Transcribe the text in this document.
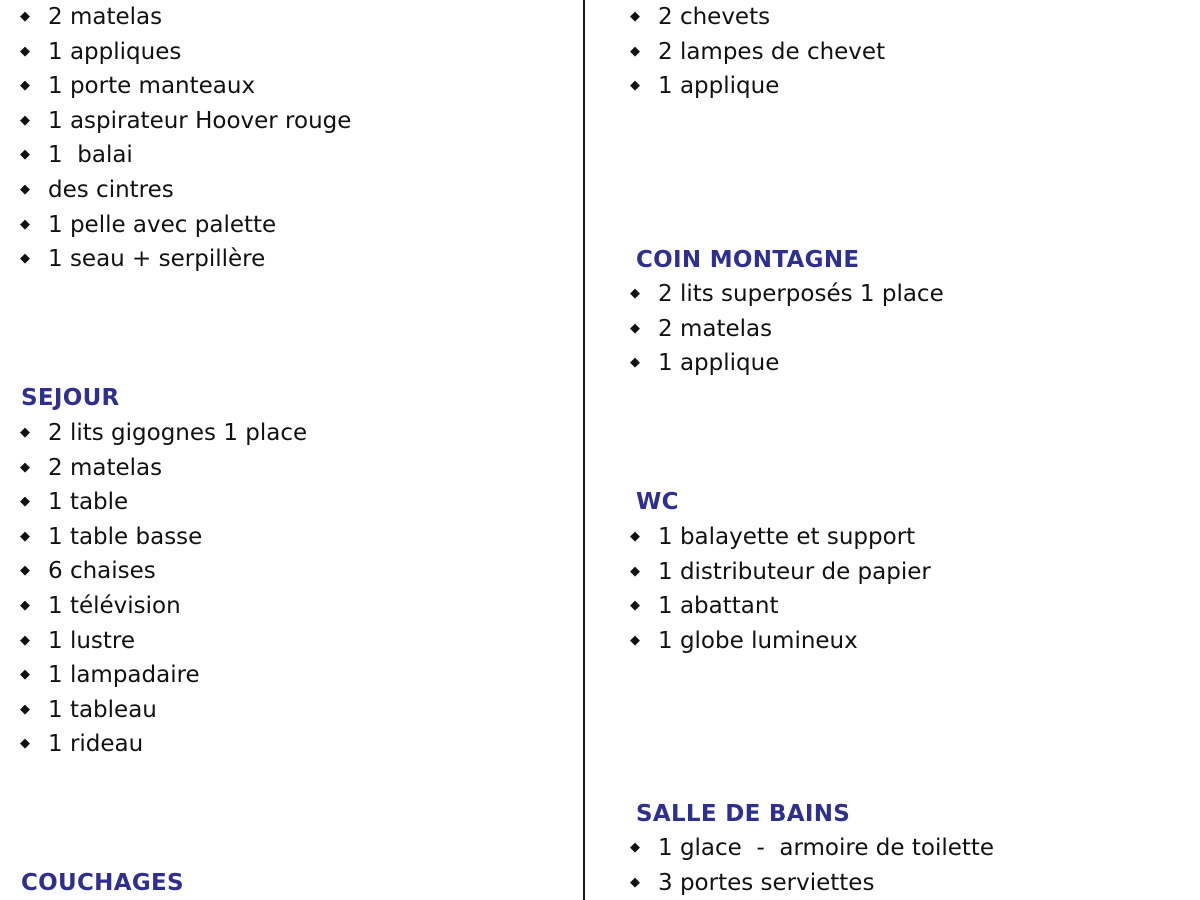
◆ 2 matelas
◆ 1 appliques
◆ 1 porte manteaux
◆ 1 aspirateur Hoover rouge
◆ 1  balai
◆ des cintres
◆ 1 pelle avec palette
◆ 1 seau + serpillère
SEJOUR
◆ 2 lits gigognes 1 place
◆ 2 matelas
◆ 1 table
◆ 1 table basse
◆ 6 chaises
◆ 1 télévision
◆ 1 lustre
◆ 1 lampadaire
◆ 1 tableau
◆ 1 rideau
COUCHAGES
◆ 2 chevets
◆ 2 lampes de chevet
◆ 1 applique
COIN MONTAGNE
◆ 2 lits superposés 1 place
◆ 2 matelas
◆ 1 applique
WC
◆ 1 balayette et support
◆ 1 distributeur de papier
◆ 1 abattant
◆ 1 globe lumineux
SALLE DE BAINS
◆ 1 glace  -  armoire de toilette
◆ 3 portes serviettes
